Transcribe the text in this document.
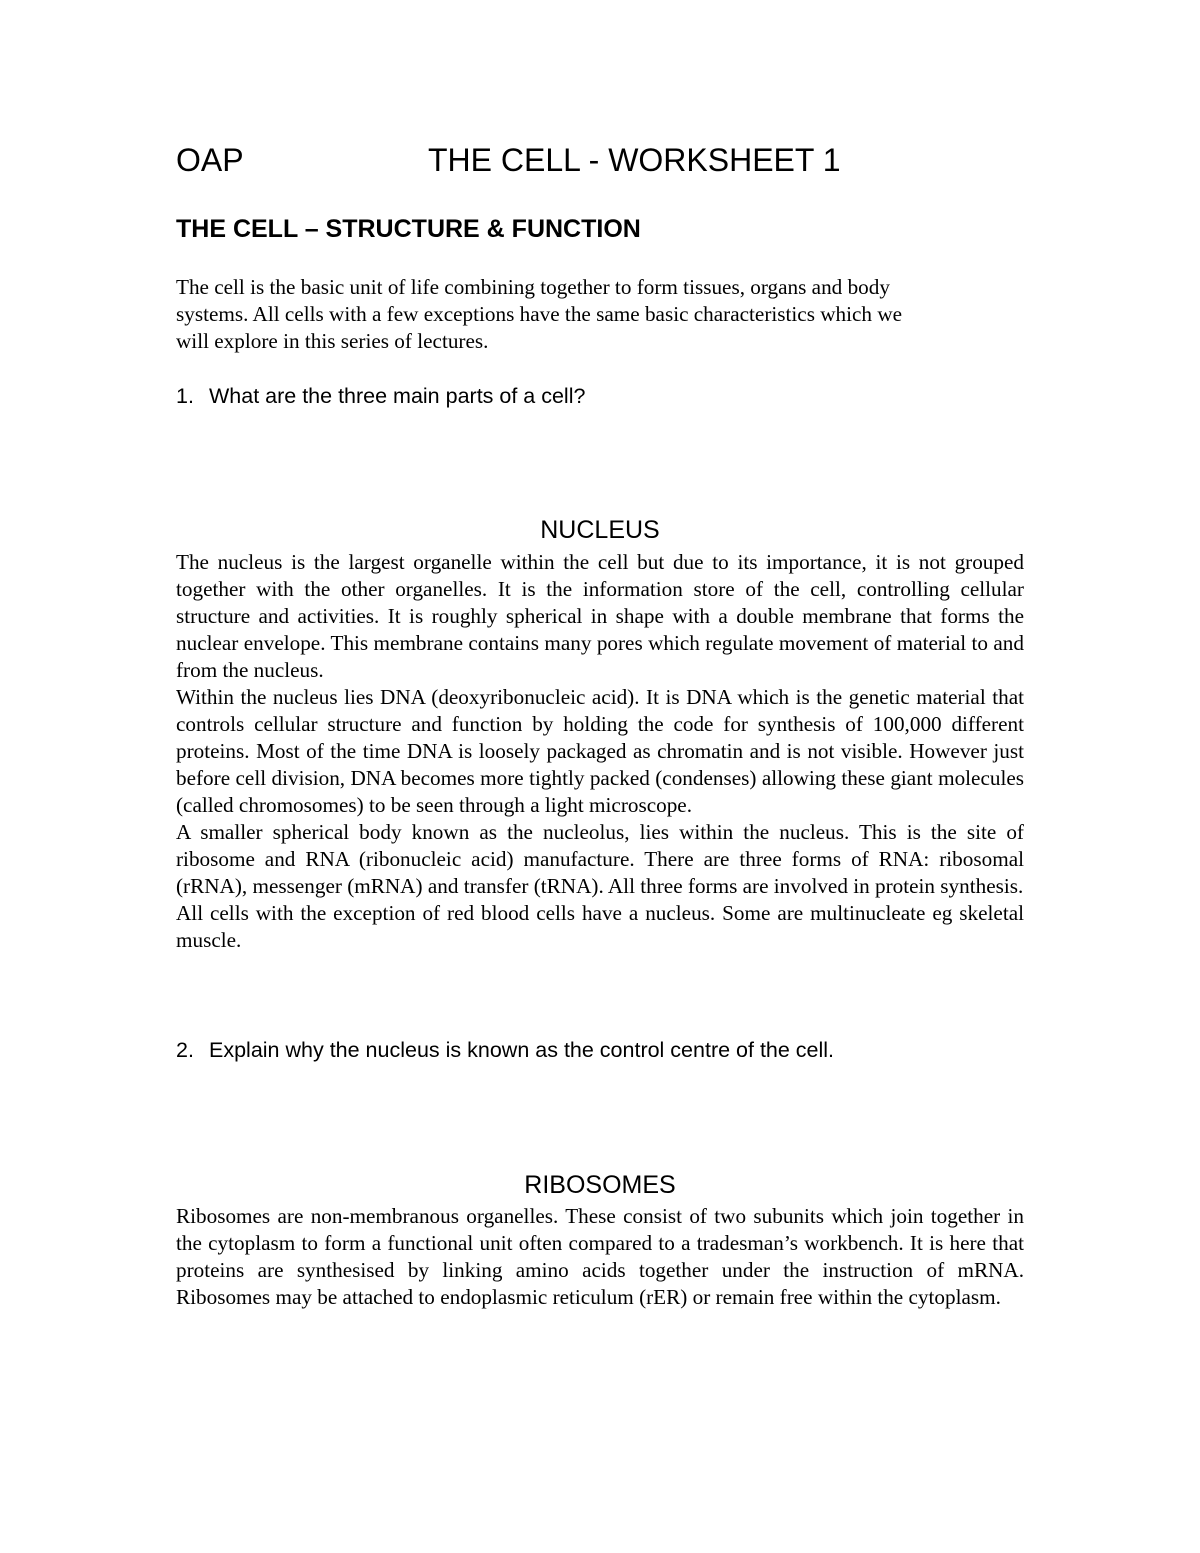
OAP	THE CELL - WORKSHEET 1
THE CELL – STRUCTURE & FUNCTION

The cell is the basic unit of life combining together to form tissues, organs and body

systems. All cells with a few exceptions have the same basic characteristics which we

will explore in this series of lectures.

1. What are the three main parts of a cell?
NUCLEUS

The nucleus is the largest organelle within the cell but due to its importance, it is not grouped together with the other organelles. It is the information store of the cell, controlling cellular structure and activities. It is roughly spherical in shape with a double membrane that forms the nuclear envelope. This membrane contains many pores which regulate movement of material to and from the nucleus.

Within the nucleus lies DNA (deoxyribonucleic acid). It is DNA which is the genetic material that controls cellular structure and function by holding the code for synthesis of 100,000 different proteins. Most of the time DNA is loosely packaged as chromatin and is not visible. However just before cell division, DNA becomes more tightly packed (condenses) allowing these giant molecules (called chromosomes) to be seen through a light microscope.

A smaller spherical body known as the nucleolus, lies within the nucleus. This is the site of ribosome and RNA (ribonucleic acid) manufacture. There are three forms of RNA: ribosomal (rRNA), messenger (mRNA) and transfer (tRNA). All three forms are involved in protein synthesis.

All cells with the exception of red blood cells have a nucleus. Some are multinucleate eg skeletal muscle.

2. Explain why the nucleus is known as the control centre of the cell.
RIBOSOMES

Ribosomes are non-membranous organelles. These consist of two subunits which join together in the cytoplasm to form a functional unit often compared to a tradesman’s workbench. It is here that proteins are synthesised by linking amino acids together under the instruction of mRNA. Ribosomes may be attached to endoplasmic reticulum (rER) or remain free within the cytoplasm.
